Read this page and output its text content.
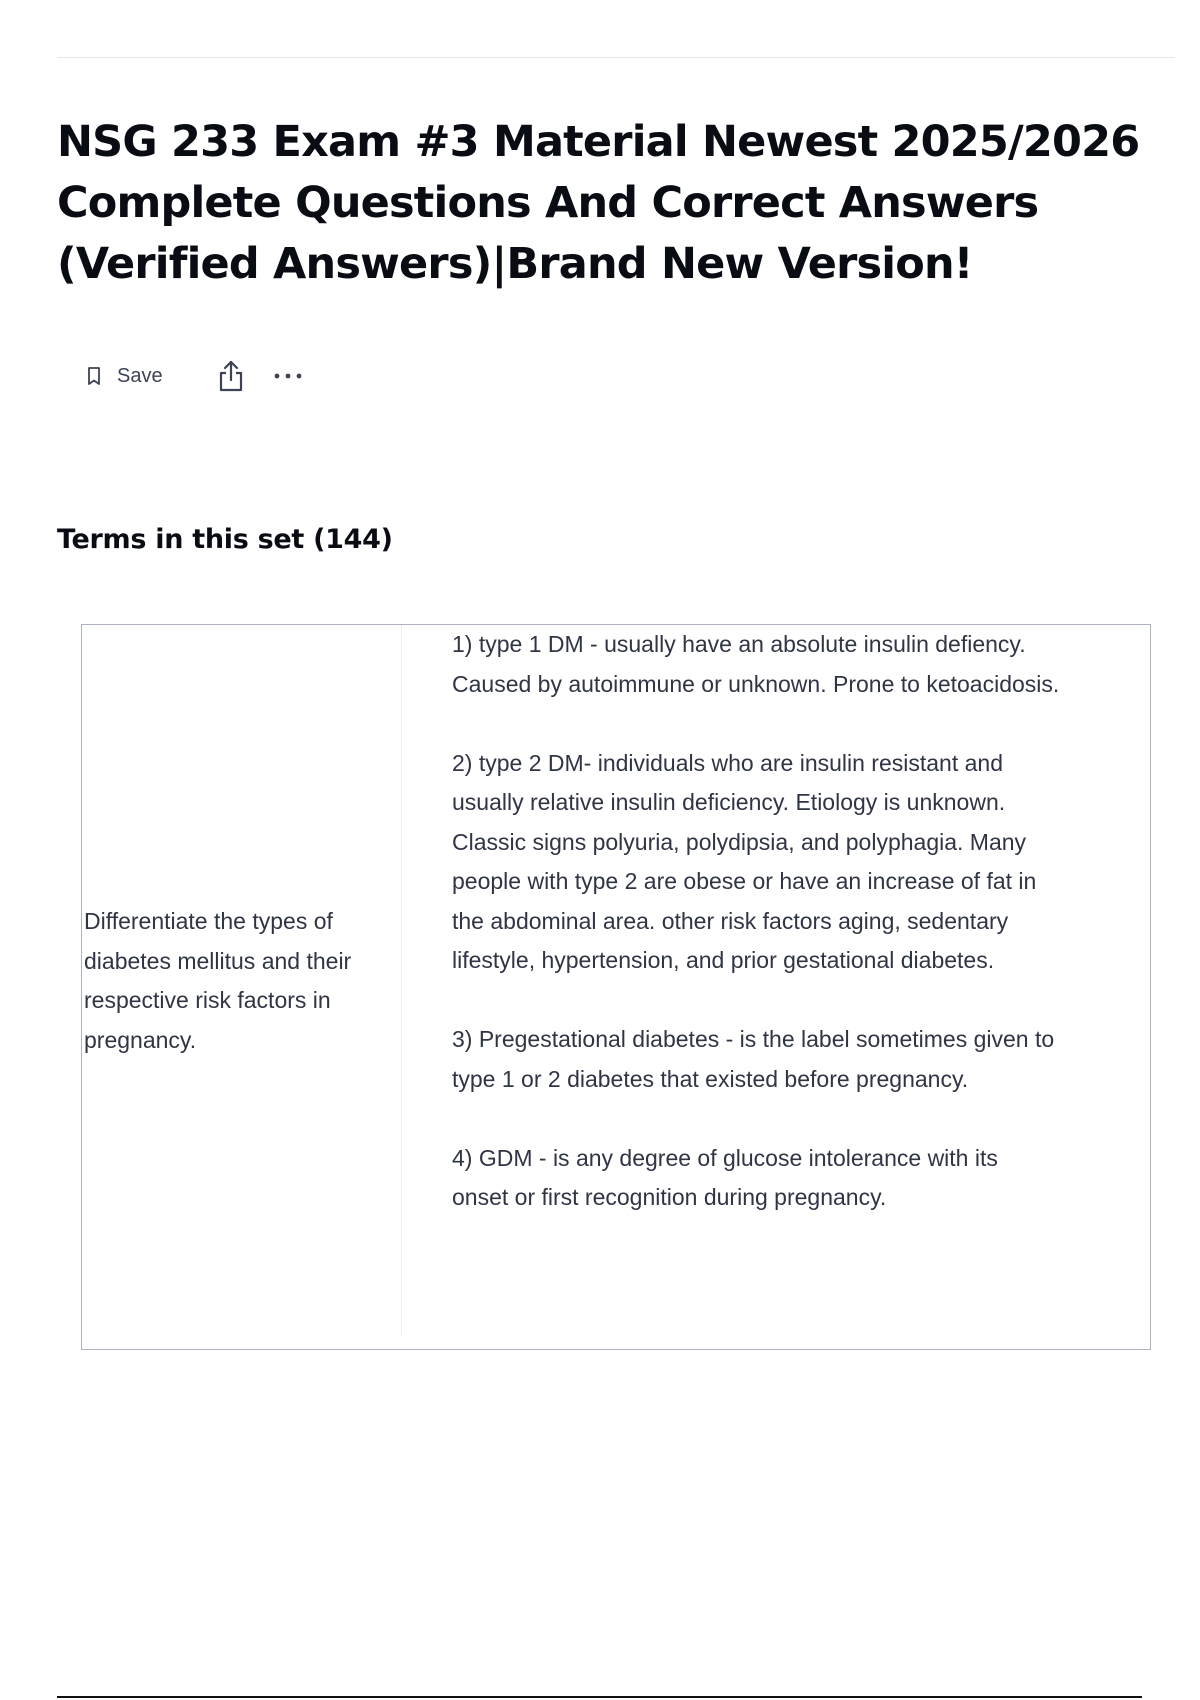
NSG 233 Exam #3 Material Newest 2025/2026 Complete Questions And Correct Answers (Verified Answers)|Brand New Version!
Save
Terms in this set (144)
Differentiate the types of diabetes mellitus and their respective risk factors in pregnancy.

1) type 1 DM - usually have an absolute insulin defiency. Caused by autoimmune or unknown. Prone to ketoacidosis.

2) type 2 DM- individuals who are insulin resistant and usually relative insulin deficiency. Etiology is unknown. Classic signs polyuria, polydipsia, and polyphagia. Many people with type 2 are obese or have an increase of fat in the abdominal area. other risk factors aging, sedentary lifestyle, hypertension, and prior gestational diabetes.

3) Pregestational diabetes - is the label sometimes given to type 1 or 2 diabetes that existed before pregnancy.

4) GDM - is any degree of glucose intolerance with its onset or first recognition during pregnancy.
